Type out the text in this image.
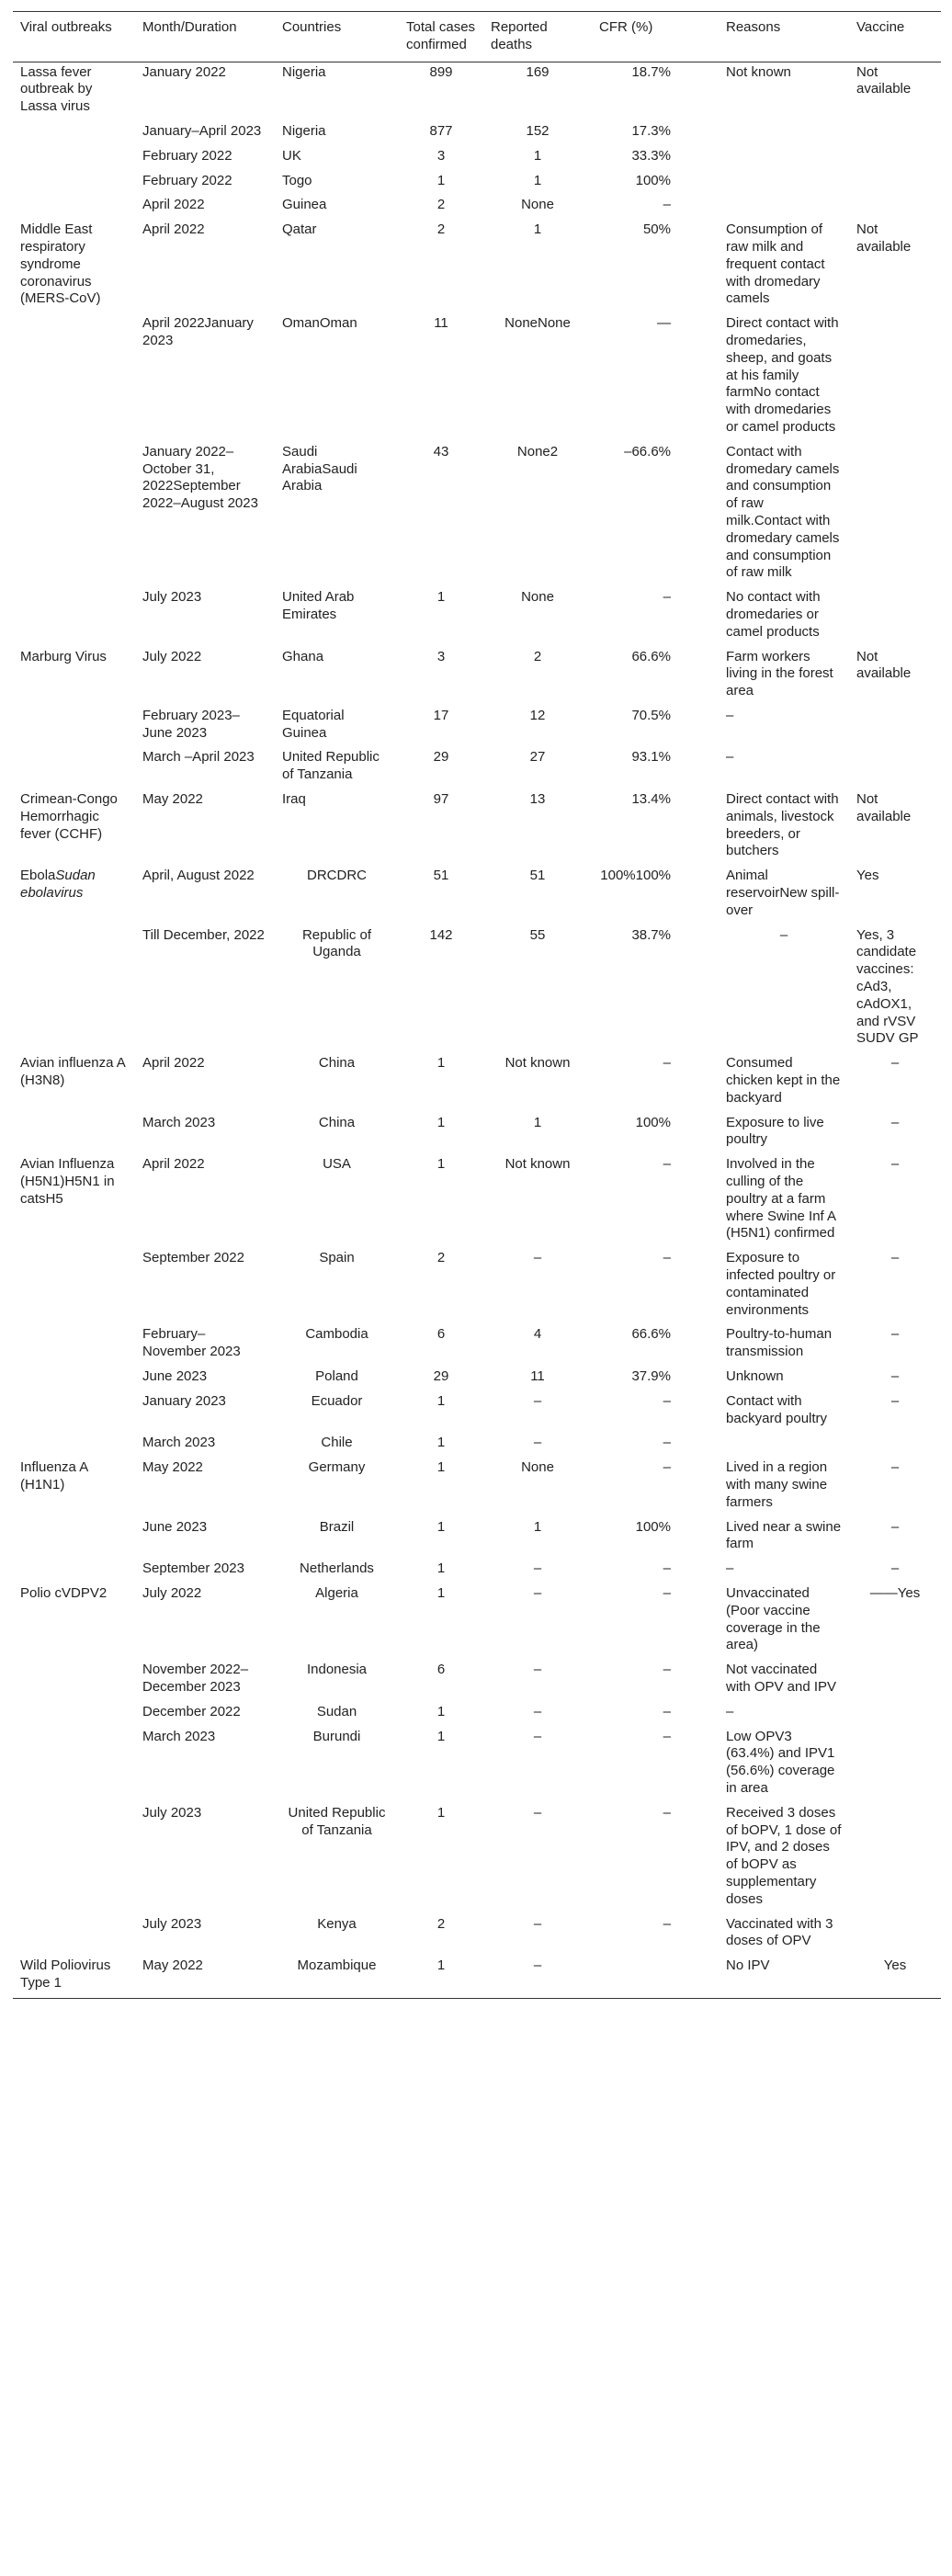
Viral outbreaks	Month/Duration	Countries	Total cases confirmed	Reported deaths	CFR (%)	Reasons	Vaccine
Lassa fever outbreak by Lassa virus	January 2022	Nigeria	899	169	18.7%	Not known	Not available
	January–April 2023	Nigeria	877	152	17.3%		
	February 2022	UK	3	1	33.3%		
	February 2022	Togo	1	1	100%		
	April 2022	Guinea	2	None	–		
Middle East respiratory syndrome coronavirus (MERS-CoV)	April 2022	Qatar	2	1	50%	Consumption of raw milk and frequent contact with dromedary camels	Not available
	April 2022January 2023	OmanOman	11	NoneNone	—	Direct contact with dromedaries, sheep, and goats at his family farmNo contact with dromedaries or camel products	
	January 2022–October 31, 2022September 2022–August 2023	Saudi ArabiaSaudi Arabia	43	None2	–66.6%	Contact with dromedary camels and consumption of raw milk.Contact with dromedary camels and consumption of raw milk	
	July 2023	United Arab Emirates	1	None	–	No contact with dromedaries or camel products	
Marburg Virus	July 2022	Ghana	3	2	66.6%	Farm workers living in the forest area	Not available
	February 2023–June 2023	Equatorial Guinea	17	12	70.5%	–	
	March –April 2023	United Republic of Tanzania	29	27	93.1%	–	
Crimean-Congo Hemorrhagic fever (CCHF)	May 2022	Iraq	97	13	13.4%	Direct contact with animals, livestock breeders, or butchers	Not available
EbolaSudan ebolavirus	April, August 2022	DRCDRC	51	51	100%100%	Animal reservoirNew spill-over	Yes
	Till December, 2022	Republic of Uganda	142	55	38.7%	–	Yes, 3 candidate vaccines: cAd3, cAdOX1, and rVSV SUDV GP
Avian influenza A (H3N8)	April 2022	China	1	Not known	–	Consumed chicken kept in the backyard	–
	March 2023	China	1	1	100%	Exposure to live poultry	–
Avian Influenza (H5N1)H5N1 in catsH5	April 2022	USA	1	Not known	–	Involved in the culling of the poultry at a farm where Swine Inf A (H5N1) confirmed	–
	September 2022	Spain	2	–	–	Exposure to infected poultry or contaminated environments	–
	February–November 2023	Cambodia	6	4	66.6%	Poultry-to-human transmission	–
	June 2023	Poland	29	11	37.9%	Unknown	–
	January 2023	Ecuador	1	–	–	Contact with backyard poultry	–
	March 2023	Chile	1	–	–		
Influenza A (H1N1)	May 2022	Germany	1	None	–	Lived in a region with many swine farmers	–
	June 2023	Brazil	1	1	100%	Lived near a swine farm	–
	September 2023	Netherlands	1	–	–	–	–
Polio cVDPV2	July 2022	Algeria	1	–	–	Unvaccinated (Poor vaccine coverage in the area)	——Yes
	November 2022–December 2023	Indonesia	6	–	–	Not vaccinated with OPV and IPV	
	December 2022	Sudan	1	–	–	–	
	March 2023	Burundi	1	–	–	Low OPV3 (63.4%) and IPV1 (56.6%) coverage in area	
	July 2023	United Republic of Tanzania	1	–	–	Received 3 doses of bOPV, 1 dose of IPV, and 2 doses of bOPV as supplementary doses	
	July 2023	Kenya	2	–	–	Vaccinated with 3 doses of OPV	
Wild Poliovirus Type 1	May 2022	Mozambique	1	–		No IPV	Yes
